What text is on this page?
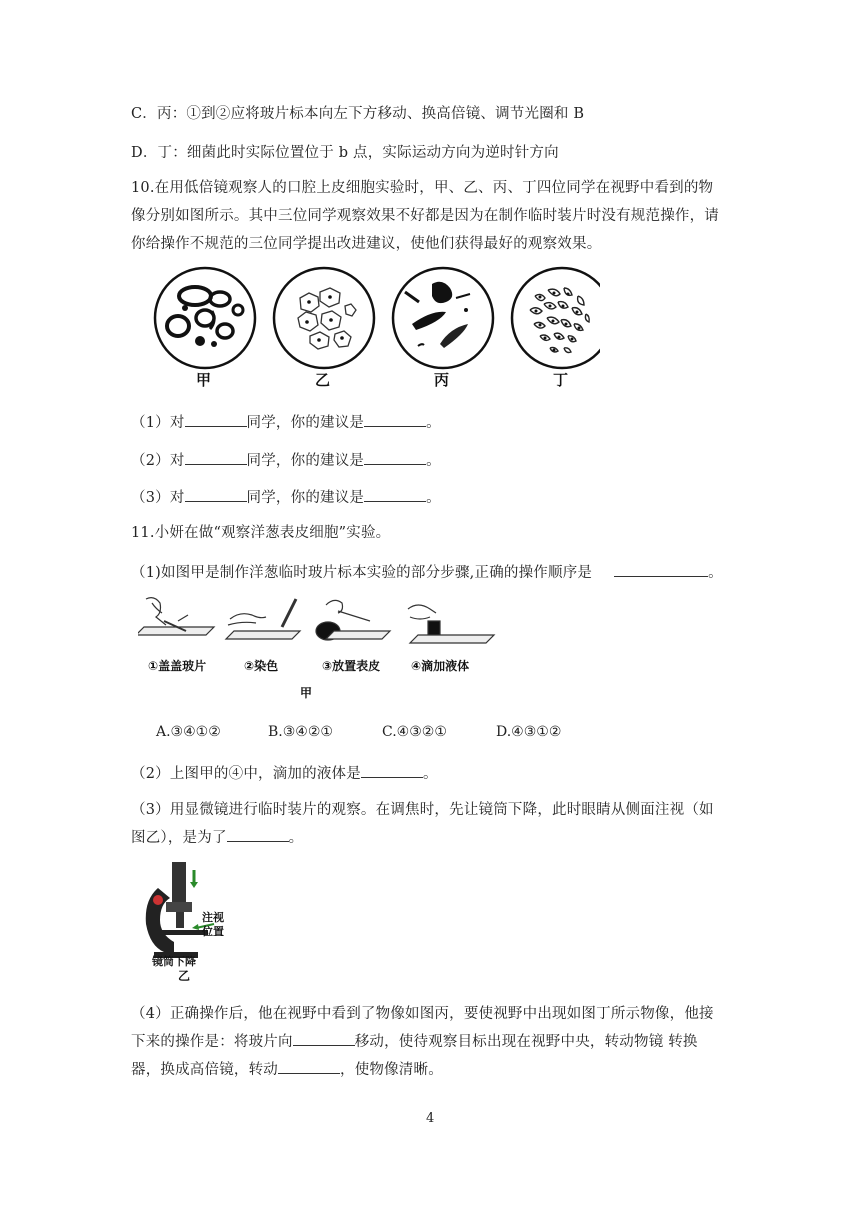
C．丙：①到②应将玻片标本向左下方移动、换高倍镜、调节光圈和 B
D．丁：细菌此时实际位置位于 b 点，实际运动方向为逆时针方向
10.在用低倍镜观察人的口腔上皮细胞实验时，甲、乙、丙、丁四位同学在视野中看到的物像分别如图所示。其中三位同学观察效果不好都是因为在制作临时装片时没有规范操作，请你给操作不规范的三位同学提出改进建议，使他们获得最好的观察效果。
甲	乙	丙	丁
（1）对	同学，你的建议是	。
（2）对	同学，你的建议是	。
（3）对	同学，你的建议是	。
11.小妍在做“观察洋葱表皮细胞”实验。
（1)如图甲是制作洋葱临时玻片标本实验的部分步骤,正确的操作顺序是	。
①盖盖玻片	②染色	③放置表皮	④滴加液体
甲
A.③④①②	B.③④②①	C.④③②①	D.④③①②
（2）上图甲的④中，滴加的液体是	。
（3）用显微镜进行临时装片的观察。在调焦时，先让镜筒下降，此时眼睛从侧面注视（如图乙），是为了	。
注视
位置
镜筒下降
乙
（4）正确操作后，他在视野中看到了物像如图丙，要使视野中出现如图丁所示物像，他接下来的操作是：将玻片向	移动，使待观察目标出现在视野中央，转动物镜 转换器，换成高倍镜，转动	，使物像清晰。
4
